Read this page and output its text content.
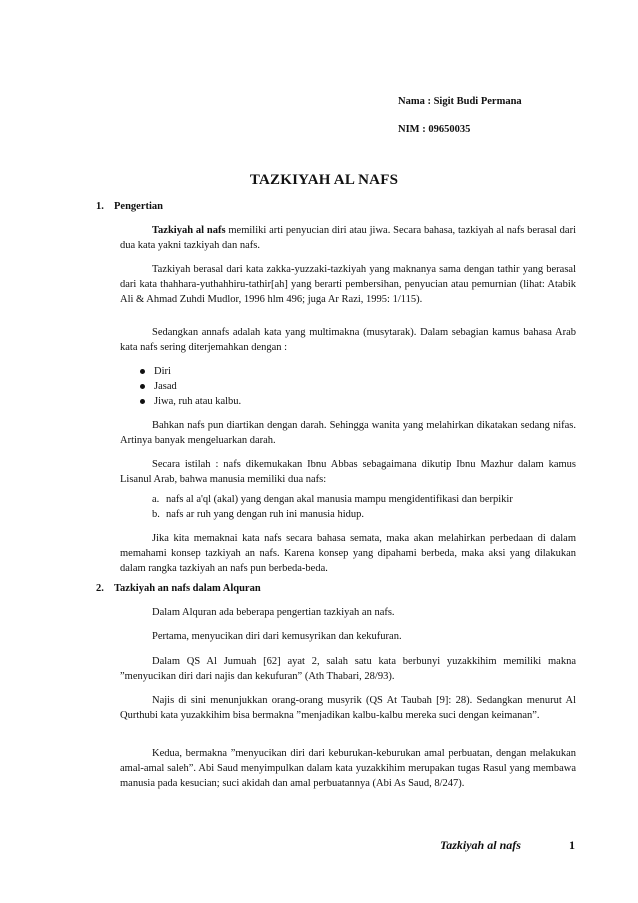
Nama : Sigit Budi Permana
NIM : 09650035
TAZKIYAH AL NAFS
1. Pengertian
Tazkiyah al nafs memiliki arti penyucian diri atau jiwa. Secara bahasa, tazkiyah al nafs berasal dari dua kata yakni tazkiyah dan nafs.
Tazkiyah berasal dari kata zakka-yuzzaki-tazkiyah yang maknanya sama dengan tathir yang berasal dari kata thahhara-yuthahhiru-tathir[ah] yang berarti pembersihan, penyucian atau pemurnian (lihat: Atabik Ali & Ahmad Zuhdi Mudlor, 1996 hlm 496; juga Ar Razi, 1995: 1/115).
Sedangkan annafs adalah kata yang multimakna (musytarak). Dalam sebagian kamus bahasa Arab kata nafs sering diterjemahkan dengan :
Diri
Jasad
Jiwa, ruh atau kalbu.
Bahkan nafs pun diartikan dengan darah. Sehingga wanita yang melahirkan dikatakan sedang nifas. Artinya banyak mengeluarkan darah.
Secara istilah : nafs dikemukakan Ibnu Abbas sebagaimana dikutip Ibnu Mazhur dalam kamus Lisanul Arab, bahwa manusia memiliki dua nafs:
a. nafs al a'ql (akal) yang dengan akal manusia mampu mengidentifikasi dan berpikir
b. nafs ar ruh yang dengan ruh ini manusia hidup.
Jika kita memaknai kata nafs secara bahasa semata, maka akan melahirkan perbedaan di dalam memahami konsep tazkiyah an nafs. Karena konsep yang dipahami berbeda, maka aksi yang dilakukan dalam rangka tazkiyah an nafs pun berbeda-beda.
2. Tazkiyah an nafs dalam Alquran
Dalam Alquran ada beberapa pengertian tazkiyah an nafs.
Pertama, menyucikan diri dari kemusyrikan dan kekufuran.
Dalam QS Al Jumuah [62] ayat 2, salah satu kata berbunyi yuzakkihim memiliki makna ”menyucikan diri dari najis dan kekufuran” (Ath Thabari, 28/93).
Najis di sini menunjukkan orang-orang musyrik (QS At Taubah [9]: 28). Sedangkan menurut Al Qurthubi kata yuzakkihim bisa bermakna ”menjadikan kalbu-kalbu mereka suci dengan keimanan”.
Kedua, bermakna ”menyucikan diri dari keburukan-keburukan amal perbuatan, dengan melakukan amal-amal saleh”. Abi Saud menyimpulkan dalam kata yuzakkihim merupakan tugas Rasul yang membawa manusia pada kesucian; suci akidah dan amal perbuatannya (Abi As Saud, 8/247).
Tazkiyah al nafs	1
